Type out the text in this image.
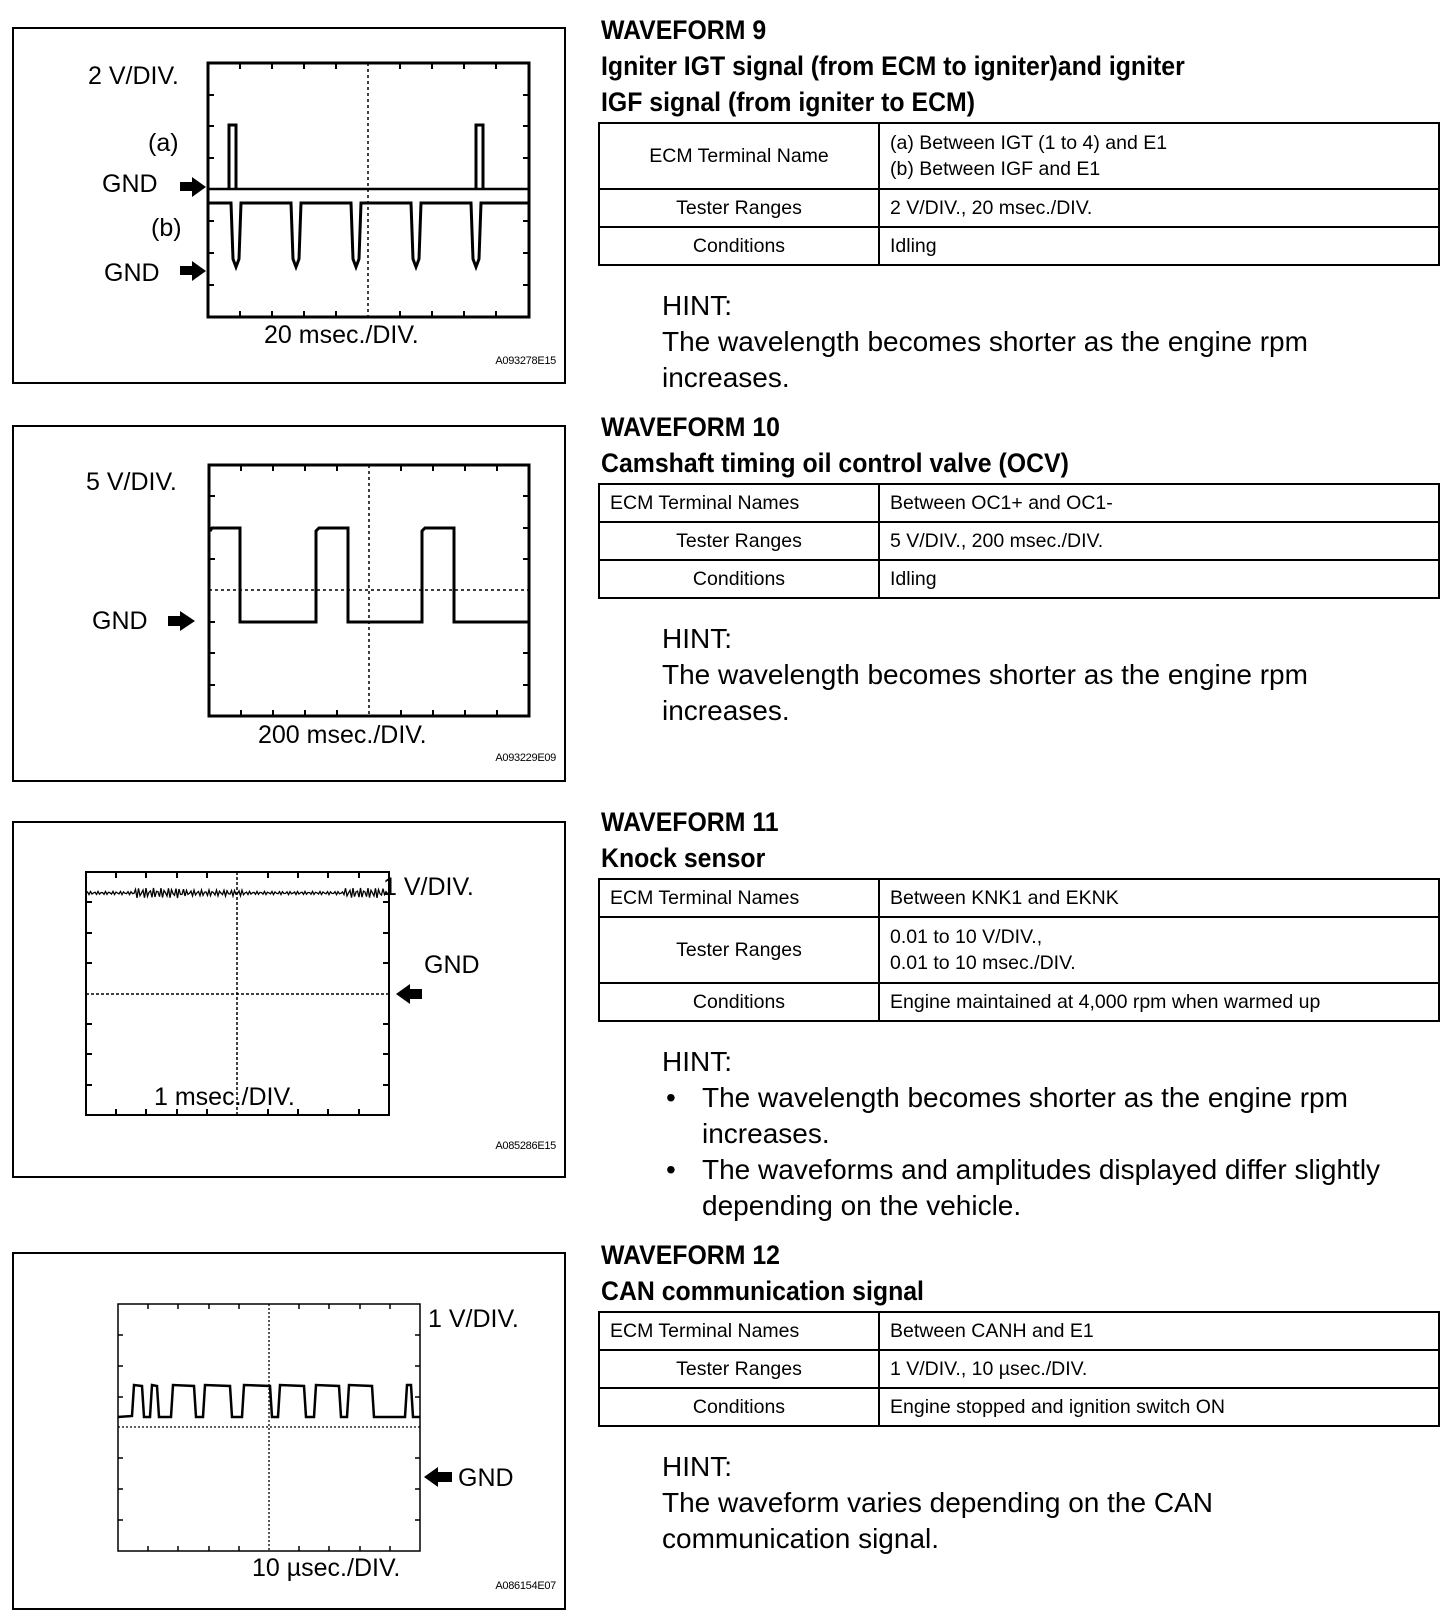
2 V/DIV.
(a)
GND
(b)
GND
20 msec./DIV.
A093278E15
5 V/DIV.
GND
200 msec./DIV.
A093229E09
1 V/DIV.
GND
1 msec./DIV.
A085286E15
1 V/DIV.
GND
10 µsec./DIV.
A086154E07
WAVEFORM 9
Igniter IGT signal (from ECM to igniter)and igniter
IGF signal (from igniter to ECM)
ECM Terminal Name	(a) Between IGT (1 to 4) and E1
(b) Between IGF and E1

Tester Ranges	2 V/DIV., 20 msec./DIV.
Conditions	Idling
HINT:
The wavelength becomes shorter as the engine rpm increases.
WAVEFORM 10
Camshaft timing oil control valve (OCV)
ECM Terminal Names	Between OC1+ and OC1-
Tester Ranges	5 V/DIV., 200 msec./DIV.
Conditions	Idling
HINT:
The wavelength becomes shorter as the engine rpm increases.
WAVEFORM 11
Knock sensor
ECM Terminal Names	Between KNK1 and EKNK
Tester Ranges	0.01 to 10 V/DIV.,
0.01 to 10 msec./DIV.

Conditions	Engine maintained at 4,000 rpm when warmed up
HINT:
• The wavelength becomes shorter as the engine rpm increases.
• The waveforms and amplitudes displayed differ slightly depending on the vehicle.
WAVEFORM 12
CAN communication signal
ECM Terminal Names	Between CANH and E1
Tester Ranges	1 V/DIV., 10 µsec./DIV.
Conditions	Engine stopped and ignition switch ON
HINT:
The waveform varies depending on the CAN communication signal.
